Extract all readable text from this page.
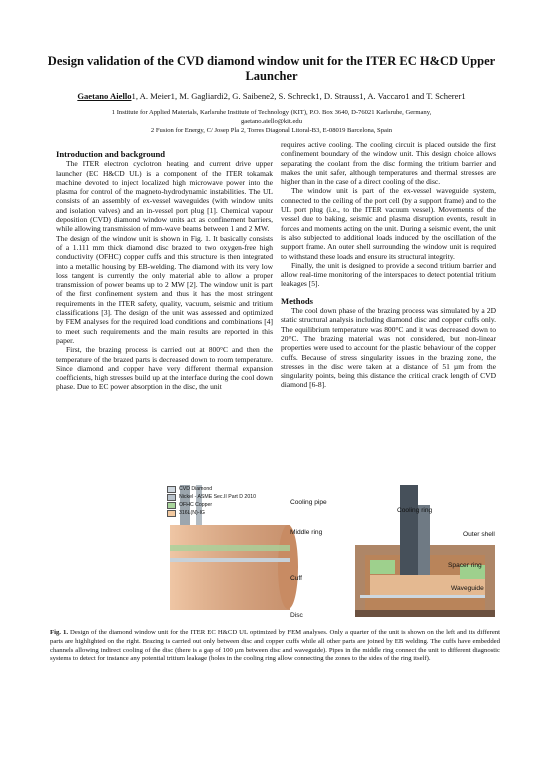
Design validation of the CVD diamond window unit for the ITER EC H&CD Upper Launcher
Gaetano Aiello1, A. Meier1, M. Gagliardi2, G. Saibene2, S. Schreck1, D. Strauss1, A. Vaccaro1 and T. Scherer1
1 Institute for Applied Materials, Karlsruhe Institute of Technology (KIT), P.O. Box 3640, D-76021 Karlsruhe, Germany,
gaetano.aiello@kit.edu
2 Fusion for Energy, C/ Josep Pla 2, Torres Diagonal Litoral-B3, E-08019 Barcelona, Spain

Introduction and background

The ITER electron cyclotron heating and current drive upper launcher (EC H&CD UL) is a component of the ITER tokamak machine devoted to inject localized high microwave power into the plasma for control of the magneto-hydrodynamic instabilities. The UL consists of an assembly of ex-vessel waveguides (with window units and isolation valves) and an in-vessel port plug [1]. Chemical vapour deposition (CVD) diamond window units act as confinement barriers, while allowing transmission of mm-wave beams between 1 and 2 MW.

The design of the window unit is shown in Fig. 1. It basically consists of a 1.111 mm thick diamond disc brazed to two oxygen-free high conductivity (OFHC) copper cuffs and this structure is then integrated into a metallic housing by EB-welding. The diamond with its very low loss tangent is currently the only material able to allow a proper transmission of power beams up to 2 MW [2]. The window unit is part of the first confinement system and thus it has the most stringent requirements in the ITER safety, quality, vacuum, seismic and tritium classifications [3]. The design of the unit was assessed and optimized by FEM analyses for the required load conditions and combinations [4] to meet such requirements and the main results are reported in this paper.

First, the brazing process is carried out at 800°C and then the temperature of the brazed parts is decreased down to room temperature. Since diamond and copper have very different thermal expansion coefficients, high stresses build up at the interface during the cool down phase. Due to EC power absorption in the disc, the unit

requires active cooling. The cooling circuit is placed outside the first confinement boundary of the window unit. This design choice allows separating the coolant from the disc forming the tritium barrier and makes the unit safer, although temperatures and thermal stresses are higher than in the case of a direct cooling of the disc.

The window unit is part of the ex-vessel waveguide system, connected to the ceiling of the port cell (by a support frame) and to the UL port plug (i.e., to the ITER vacuum vessel). Movements of the vessel due to baking, seismic and plasma disruption events, result in forces and moments acting on the unit. During a seismic event, the unit is also subjected to additional loads induced by the oscillation of the support frame. An outer shell surrounding the window unit is required to withstand these loads and ensure its structural integrity.

Finally, the unit is designed to provide a second tritium barrier and allow real-time monitoring of the interspaces to detect potential tritium leakages [5].

Methods

The cool down phase of the brazing process was simulated by a 2D static structural analysis including diamond disc and copper cuffs only. The equilibrium temperature was 800°C and it was decreased down to 20°C. The brazing material was not considered, but non-linear properties were used to account for the plastic behaviour of the copper cuffs. Because of stress singularity issues in the brazing zone, the stresses in the disc were taken at a distance of 51 µm from the singularity points, being this distance the critical crack length of CVD diamond [6-8].

CVD Diamond
Nickel - ASME Sec.II Part D 2010
OFHC Copper
316L(N)-IG
Cooling pipe
Cooling ring
Middle ring	Outer shell
Spacer ring
Waveguide
Cuff
Disc
Fig. 1. Design of the diamond window unit for the ITER EC H&CD UL optimized by FEM analyses. Only a quarter of the unit is shown on the left and its different parts are highlighted on the right. Brazing is carried out only between disc and copper cuffs while all other parts are joined by EB welding. The cuffs have embedded channels allowing indirect cooling of the disc (there is a gap of 100 µm between disc and waveguide). Pipes in the middle ring connect the unit to different diagnostic systems to detect for instance any potential tritium leakage (holes in the cooling ring allow connecting the zones to the sides of the ring itself).
